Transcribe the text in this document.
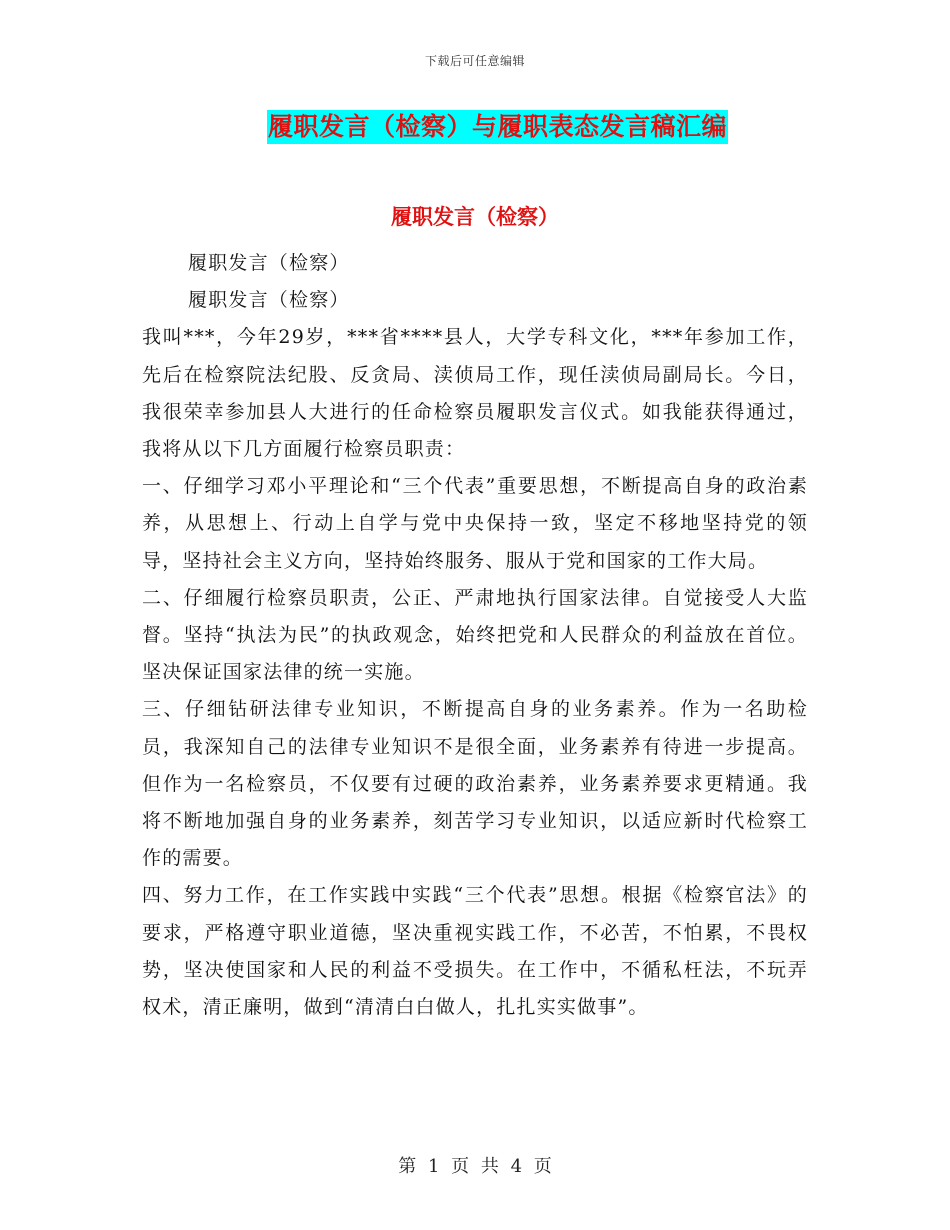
下载后可任意编辑
履职发言（检察）与履职表态发言稿汇编
履职发言（检察）

履职发言（检察）

履职发言（检察）

我叫***，今年29岁，***省****县人，大学专科文化，***年参加工作，先后在检察院法纪股、反贪局、渎侦局工作，现任渎侦局副局长。今日，我很荣幸参加县人大进行的任命检察员履职发言仪式。如我能获得通过，我将从以下几方面履行检察员职责：

一、仔细学习邓小平理论和“三个代表”重要思想，不断提高自身的政治素养，从思想上、行动上自学与党中央保持一致，坚定不移地坚持党的领导，坚持社会主义方向，坚持始终服务、服从于党和国家的工作大局。

二、仔细履行检察员职责，公正、严肃地执行国家法律。自觉接受人大监督。坚持“执法为民”的执政观念，始终把党和人民群众的利益放在首位。坚决保证国家法律的统一实施。

三、仔细钻研法律专业知识，不断提高自身的业务素养。作为一名助检员，我深知自己的法律专业知识不是很全面，业务素养有待进一步提高。但作为一名检察员，不仅要有过硬的政治素养，业务素养要求更精通。我将不断地加强自身的业务素养，刻苦学习专业知识，以适应新时代检察工作的需要。

四、努力工作，在工作实践中实践“三个代表”思想。根据《检察官法》的要求，严格遵守职业道德，坚决重视实践工作，不必苦，不怕累，不畏权势，坚决使国家和人民的利益不受损失。在工作中，不循私枉法，不玩弄权术，清正廉明，做到“清清白白做人，扎扎实实做事”。

第 1 页 共 4 页
